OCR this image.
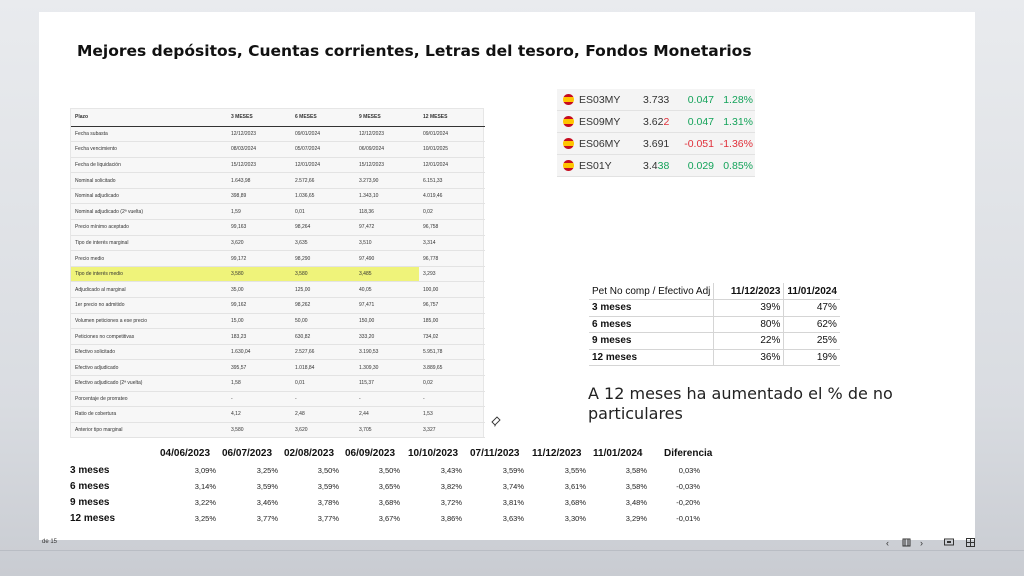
Mejores depósitos, Cuentas corrientes, Letras del tesoro, Fondos Monetarios
Plazo	3 MESES	6 MESES	9 MESES	12 MESES
Fecha subasta	12/12/2023	09/01/2024	12/12/2023	09/01/2024
Fecha vencimiento	08/03/2024	05/07/2024	06/09/2024	10/01/2025
Fecha de liquidación	15/12/2023	12/01/2024	15/12/2023	12/01/2024
Nominal solicitado	1.643,98	2.572,66	3.273,90	6.151,33
Nominal adjudicado	398,89	1.036,65	1.343,10	4.019,46
Nominal adjudicado (2ª vuelta)	1,59	0,01	118,36	0,02
Precio mínimo aceptado	99,163	98,264	97,472	96,758
Tipo de interés marginal	3,620	3,635	3,510	3,314
Precio medio	99,172	98,290	97,490	96,778
Tipo de interés medio	3,580	3,580	3,485	3,293
Adjudicado al marginal	35,00	125,00	40,05	100,00
1er precio no admitido	99,162	98,262	97,471	96,757
Volumen peticiones a ese precio	15,00	50,00	150,00	185,00
Peticiones no competitivas	183,23	630,82	333,20	734,02
Efectivo solicitado	1.630,04	2.527,66	3.190,53	5.951,78
Efectivo adjudicado	395,57	1.018,84	1.309,30	3.889,65
Efectivo adjudicado (2ª vuelta)	1,58	0,01	115,37	0,02
Porcentaje de prorrateo	-	-	-	-
Ratio de cobertura	4,12	2,48	2,44	1,53
Anterior tipo marginal	3,580	3,620	3,705	3,327
ES03MY 3.733	0.047 1.28%
ES09MY 3.622	0.047 1.31%
ES06MY 3.691 -0.051 -1.36%
ES01Y	3.438	0.029 0.85%
Pet No comp / Efectivo Adj	11/12/2023	11/01/2024
3 meses	39%	47%
6 meses	80%	62%
9 meses	22%	25%
12 meses	36%	19%
A 12 meses ha aumentado el % de no particulares
04/06/2023 06/07/2023 02/08/2023 06/09/2023 10/10/2023 07/11/2023 11/12/2023 11/01/2024 Diferencia
3 meses	3,09%	3,25%	3,50%	3,50%	3,43%	3,59%	3,55%	3,58%	0,03%
6 meses	3,14%	3,59%	3,59%	3,65%	3,82%	3,74%	3,61%	3,58%	-0,03%
9 meses	3,22%	3,46%	3,78%	3,68%	3,72%	3,81%	3,68%	3,48%	-0,20%
12 meses	3,25%	3,77%	3,77%	3,67%	3,86%	3,63%	3,30%	3,29%	-0,01%
de 15	‹	›
